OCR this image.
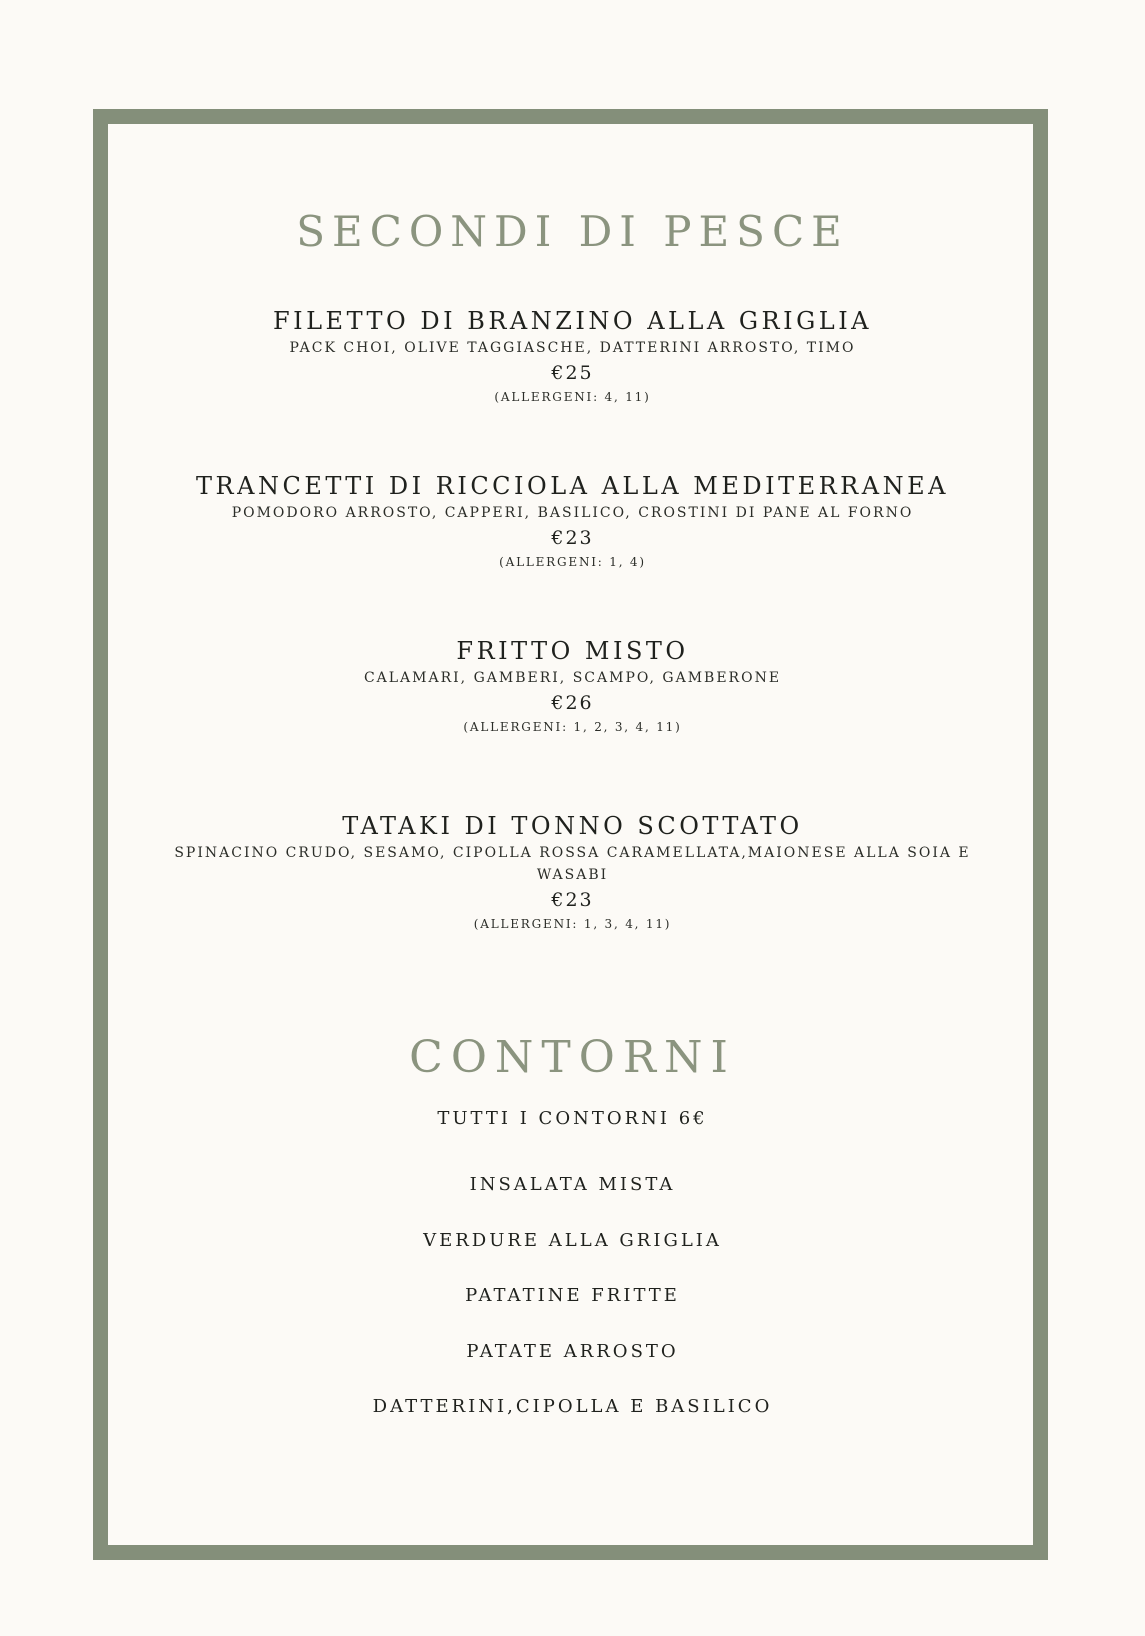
SECONDI DI PESCE
FILETTO DI BRANZINO ALLA GRIGLIA
PACK CHOI, OLIVE TAGGIASCHE, DATTERINI ARROSTO, TIMO
€25
(ALLERGENI: 4, 11)
TRANCETTI DI RICCIOLA ALLA MEDITERRANEA
POMODORO ARROSTO, CAPPERI, BASILICO, CROSTINI DI PANE AL FORNO
€23
(ALLERGENI: 1, 4)
FRITTO MISTO
CALAMARI, GAMBERI, SCAMPO, GAMBERONE
€26
(ALLERGENI: 1, 2, 3, 4, 11)
TATAKI DI TONNO SCOTTATO
SPINACINO CRUDO, SESAMO, CIPOLLA ROSSA CARAMELLATA,MAIONESE ALLA SOIA E WASABI
€23
(ALLERGENI: 1, 3, 4, 11)
CONTORNI
TUTTI I CONTORNI 6€
INSALATA MISTA
VERDURE ALLA GRIGLIA
PATATINE FRITTE
PATATE ARROSTO
DATTERINI,CIPOLLA E BASILICO
